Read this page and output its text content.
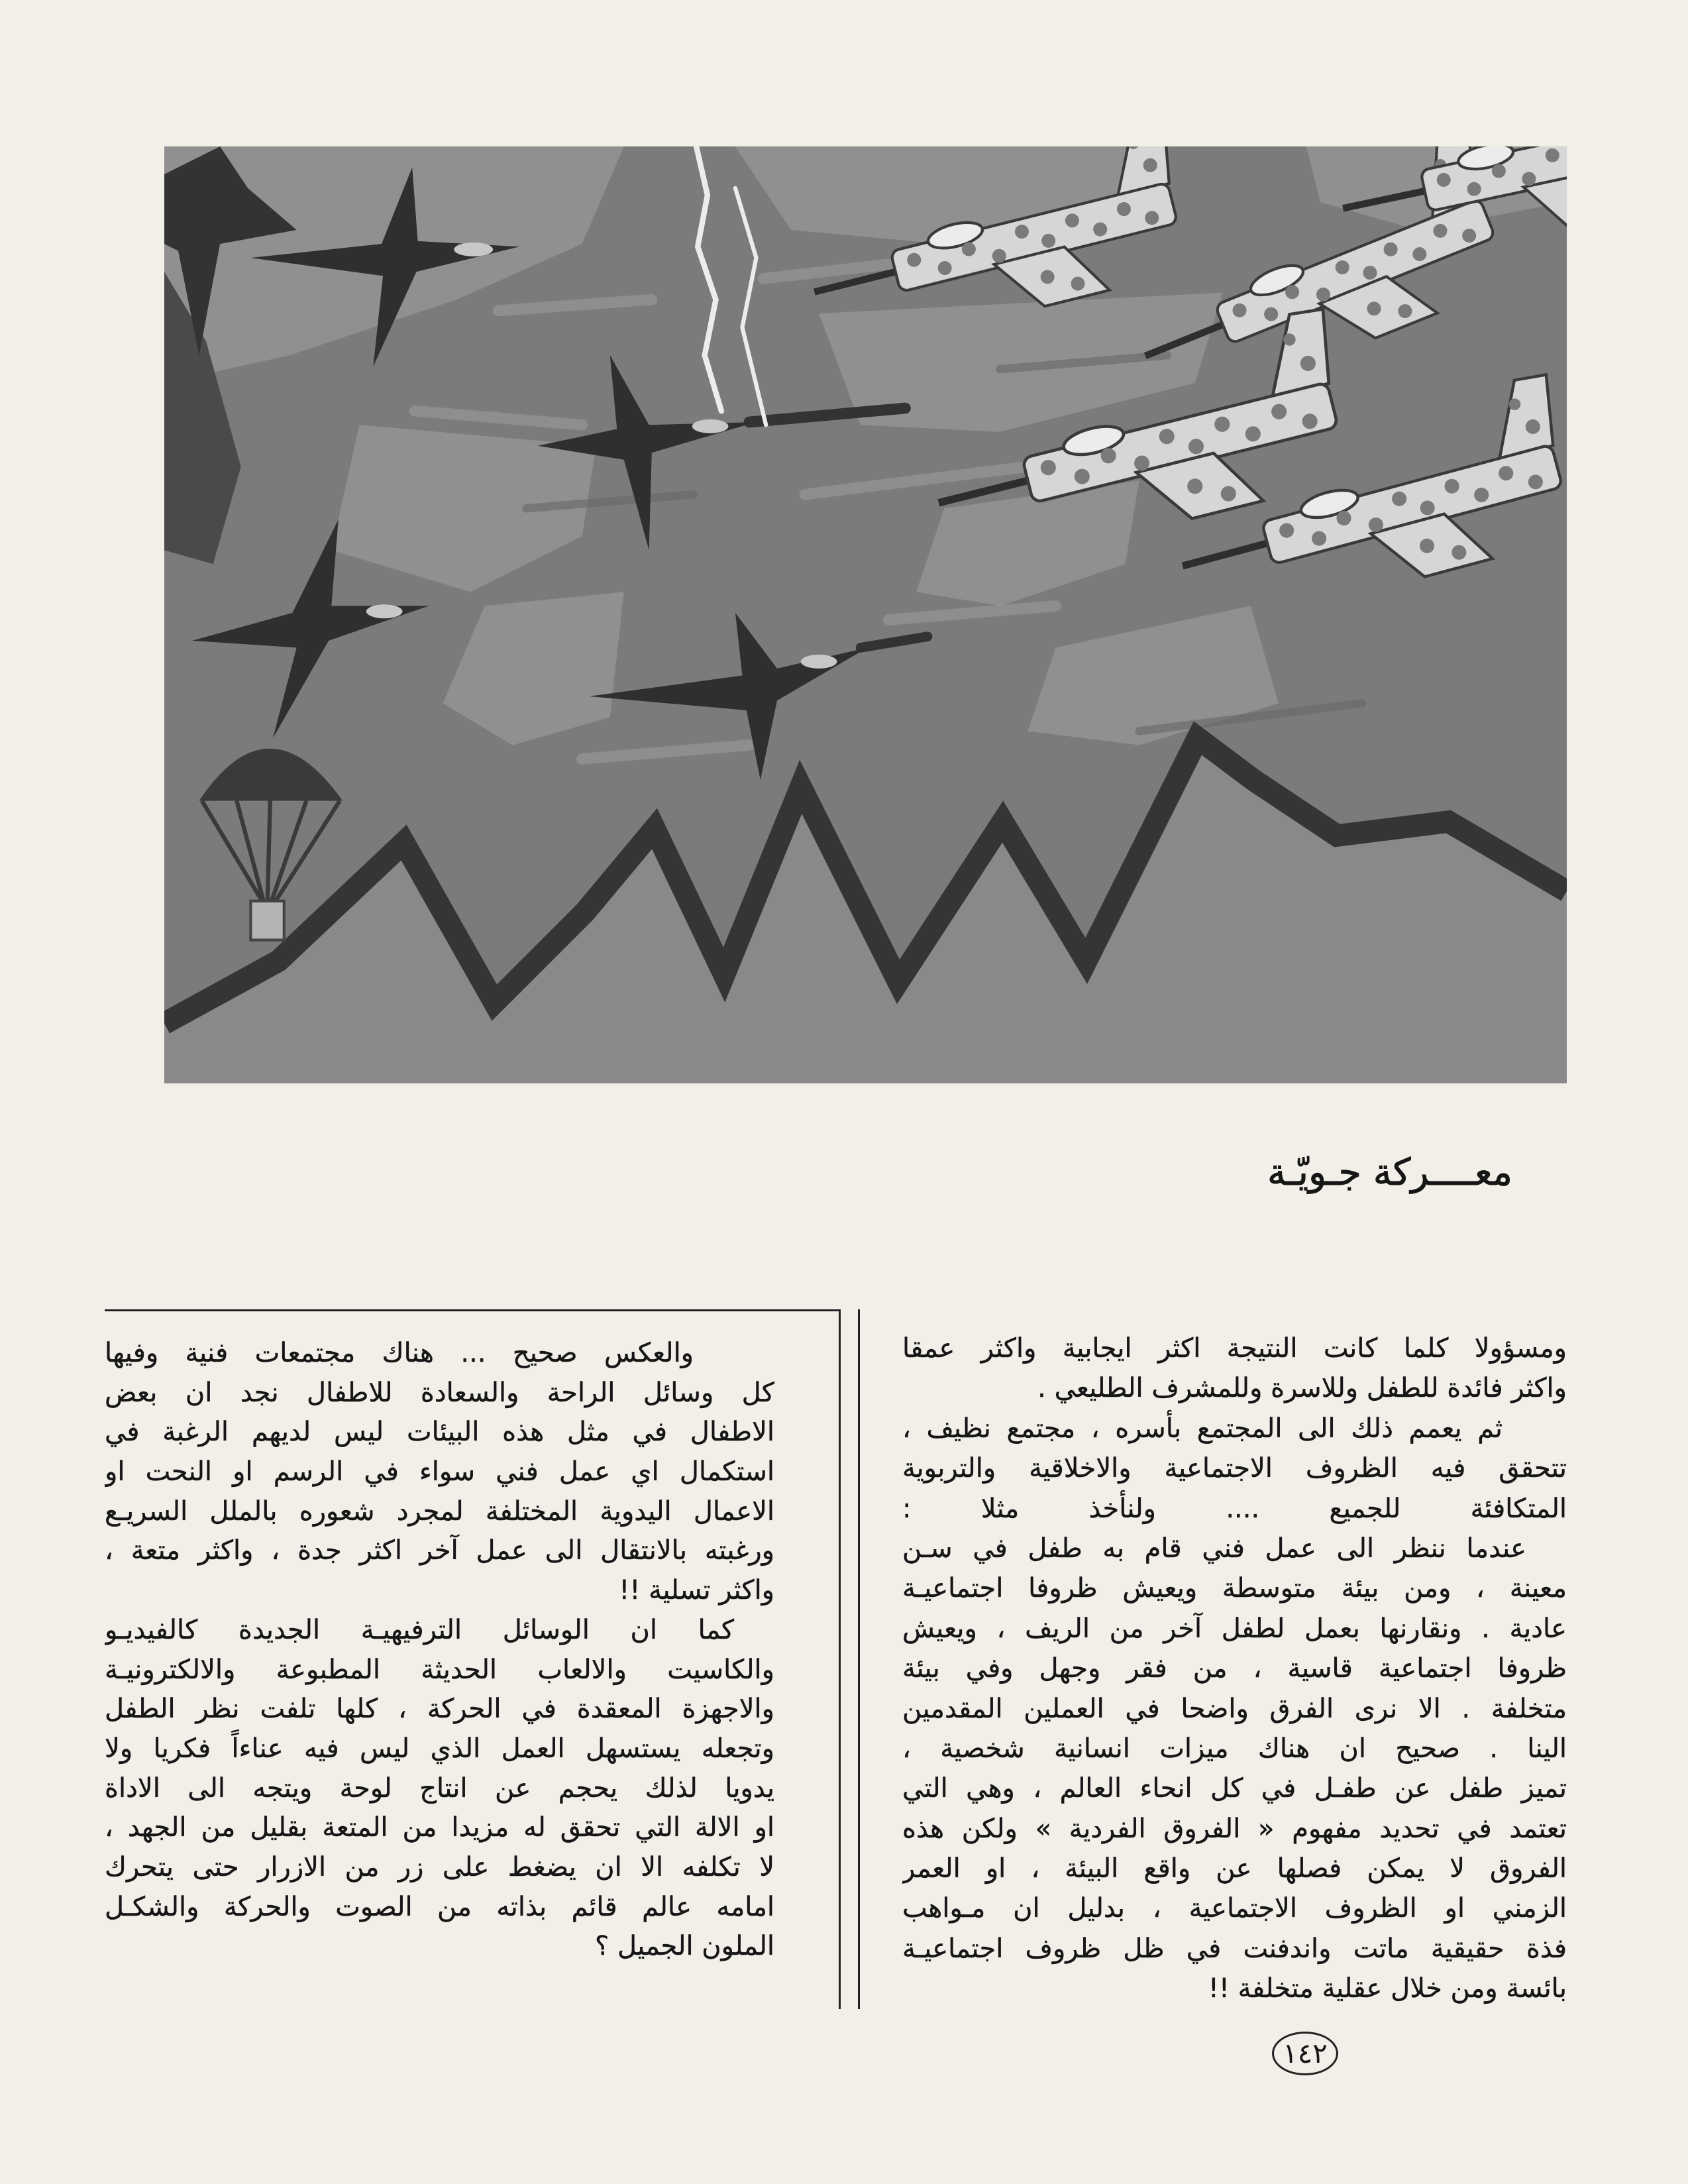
معــــركة جـويّـة
ومسؤولا كلما كانت النتيجة اكثر ايجابية واكثر عمقا
واكثر فائدة للطفل وللاسرة وللمشرف الطليعي .
ثم يعمم ذلك الى المجتمع بأسره ، مجتمع نظيف ،
تتحقق فيه الظروف الاجتماعية والاخلاقية والتربوية
المتكافئة للجميع .... ولنأخذ مثلا :
عندما ننظر الى عمل فني قام به طفل في سـن
معينة ، ومن بيئة متوسطة ويعيش ظروفا اجتماعيـة
عادية . ونقارنها بعمل لطفل آخر من الريف ، ويعيش
ظروفا اجتماعية قاسية ، من فقر وجهل وفي بيئة
متخلفة . الا نرى الفرق واضحا في العملين المقدمين
الينا . صحيح ان هناك ميزات انسانية شخصية ،
تميز طفل عن طفـل في كل انحاء العالم ، وهي التي
تعتمد في تحديد مفهوم « الفروق الفردية » ولكن هذه
الفروق لا يمكن فصلها عن واقع البيئة ، او العمر
الزمني او الظروف الاجتماعية ، بدليل ان مـواهب
فذة حقيقية ماتت واندفنت في ظل ظروف اجتماعيـة
بائسة ومن خلال عقلية متخلفة !!
والعكس صحيح ... هناك مجتمعات فنية وفيها
كل وسائل الراحة والسعادة للاطفال نجد ان بعض
الاطفال في مثل هذه البيئات ليس لديهم الرغبة في
استكمال اي عمل فني سواء في الرسم او النحت او
الاعمال اليدوية المختلفة لمجرد شعوره بالملل السريـع
ورغبته بالانتقال الى عمل آخر اكثر جدة ، واكثر متعة ،
واكثر تسلية !!
كما ان الوسائل الترفيهيـة الجديدة كالفيديـو
والكاسيت والالعاب الحديثة المطبوعة والالكترونيـة
والاجهزة المعقدة في الحركة ، كلها تلفت نظر الطفل
وتجعله يستسهل العمل الذي ليس فيه عناءاً فكريا ولا
يدويا لذلك يحجم عن انتاج لوحة ويتجه الى الاداة
او الالة التي تحقق له مزيدا من المتعة بقليل من الجهد ،
لا تكلفه الا ان يضغط على زر من الازرار حتى يتحرك
امامه عالم قائم بذاته من الصوت والحركة والشكـل
الملون الجميل ؟
١٤٢
